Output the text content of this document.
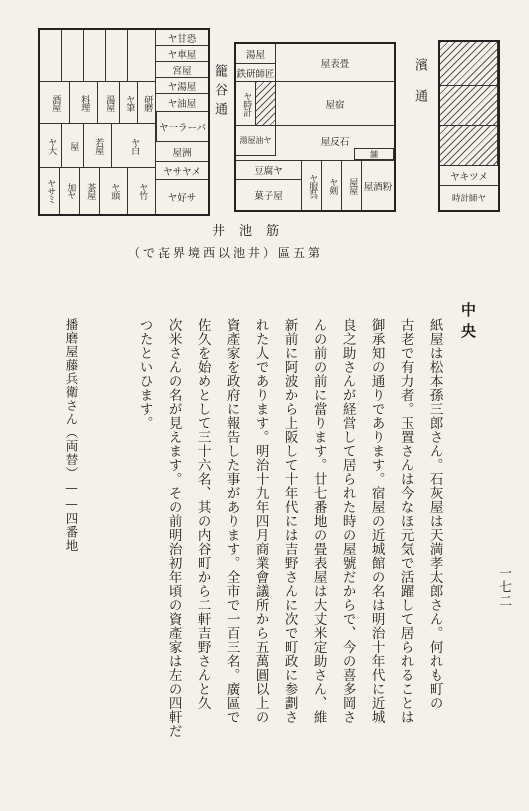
ヤ甘恐
ヤ車屋
宮屋
ヤ湯屋
ヤ油屋
ヤ一ラーパ
屋洲
ヤサヤメ
ヤ好サ
酒屋	料理	湯屋	ヤ筆 研磨
ヤ大	屋	若屋	ヤ白
ヤサミ	加ヤ	茶屋	ヤ頭	ヤ竹
籠谷通
湯屋
鉄研師匠
ヤ時計
屋表畳
屋宿
屋反石
舗
湯屋油ヤ
豆腐ヤ
菓子屋	ヤ服呉	ヤ剣	屋屋 屋酒粉
濱通
ヤキツメ
時計師ヤ
井池筋
（で㐂界境西以池井）區五第
一七二
中央
紙屋は松本孫三郎さん。石灰屋は天満孝太郎さん。何れも町の
古老で有力者。玉置さんは今なほ元気で活躍して居られることは
御承知の通りであります。宿屋の近城館の名は明治十年代に近城
良之助さんが経営して居られた時の屋號だからで、今の喜多岡さ
んの前の前に當ります。廿七番地の畳表屋は大丈米定助さん、維
新前に阿波から上阪して十年代には吉野さんに次で町政に参劃さ
れた人であります。明治十九年四月商業會議所から五萬圓以上の
資產家を政府に報告した事があります。全市で一百三名。廣區で
佐久を始めとして三十六名、其の内谷町から二軒吉野さんと久
次米さんの名が見えます。その前明治初年頃の資產家は左の四軒だ
つたといひます。
播磨屋藤兵衛さん（両替）——四番地
